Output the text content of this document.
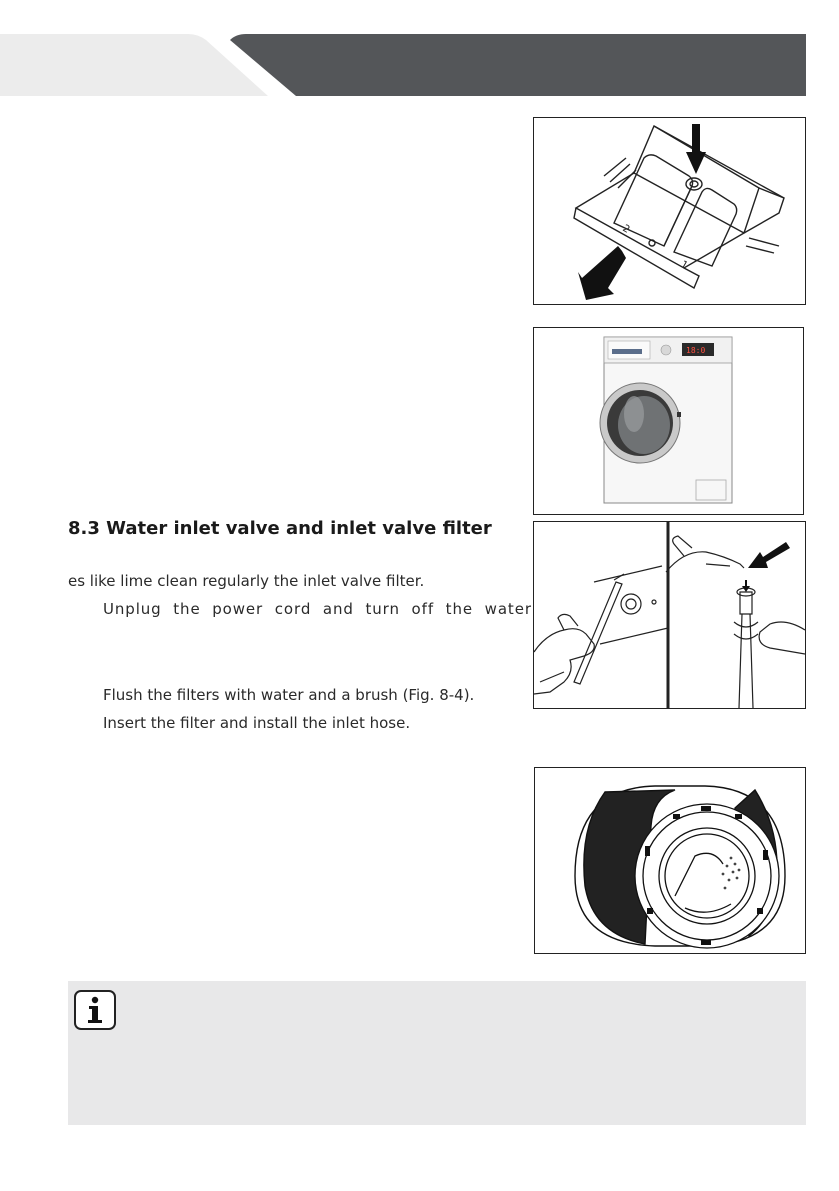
2
1
18:0
8.3 Water inlet valve and inlet valve filter
es like lime clean regularly the inlet valve filter.
Unplug the power cord and turn off the water
Flush the filters with water and a brush (Fig. 8-4).
Insert the filter and install the inlet hose.
